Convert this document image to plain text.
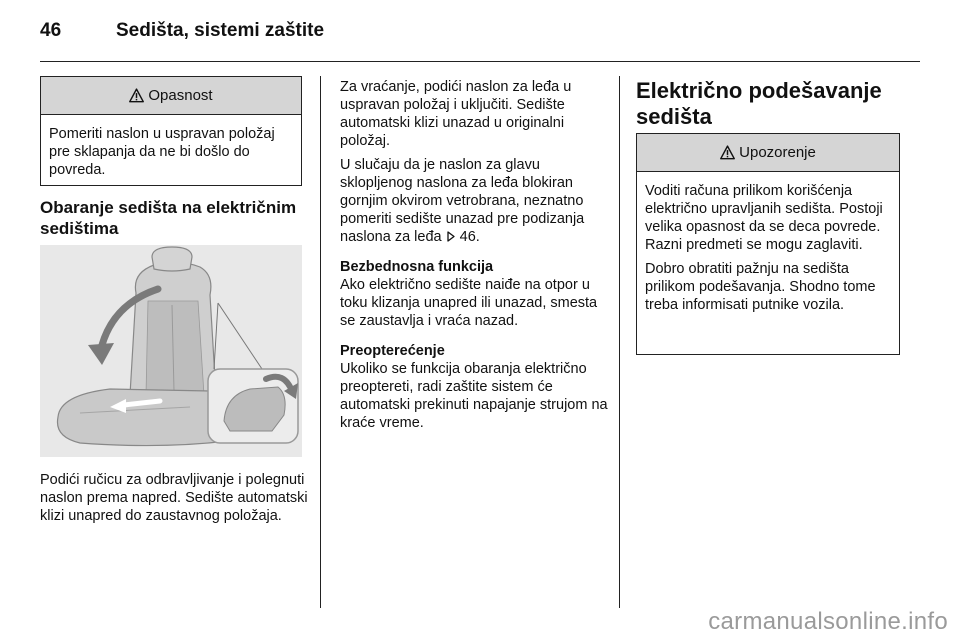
46	Sedišta, sistemi zaštite
Opasnost

Pomeriti naslon u uspravan položaj pre sklapanja da ne bi došlo do povreda.

Obaranje sedišta na električnim sedištima
Podići ručicu za odbravljivanje i polegnuti naslon prema napred. Sedište automatski klizi unapred do zaustavnog položaja.

Za vraćanje, podići naslon za leđa u uspravan položaj i uključiti. Sedište automatski klizi unazad u originalni položaj.

U slučaju da je naslon za glavu sklopljenog naslona za leđa blokiran gornjim okvirom vetrobrana, neznatno pomeriti sedište unazad pre podizanja naslona za leđa  46.

Bezbednosna funkcija
Ako električno sedište naiđe na otpor u toku klizanja unapred ili unazad, smesta se zaustavlja i vraća nazad.

Preopterećenje
Ukoliko se funkcija obaranja električno preoptereti, radi zaštite sistem će automatski prekinuti napajanje strujom na kraće vreme.

Električno podešavanje sedišta
Upozorenje

Voditi računa prilikom korišćenja električno upravljanih sedišta. Postoji velika opasnost da se deca povrede. Razni predmeti se mogu zaglaviti.

Dobro obratiti pažnju na sedišta prilikom podešavanja. Shodno tome treba informisati putnike vozila.

carmanualsonline.info
